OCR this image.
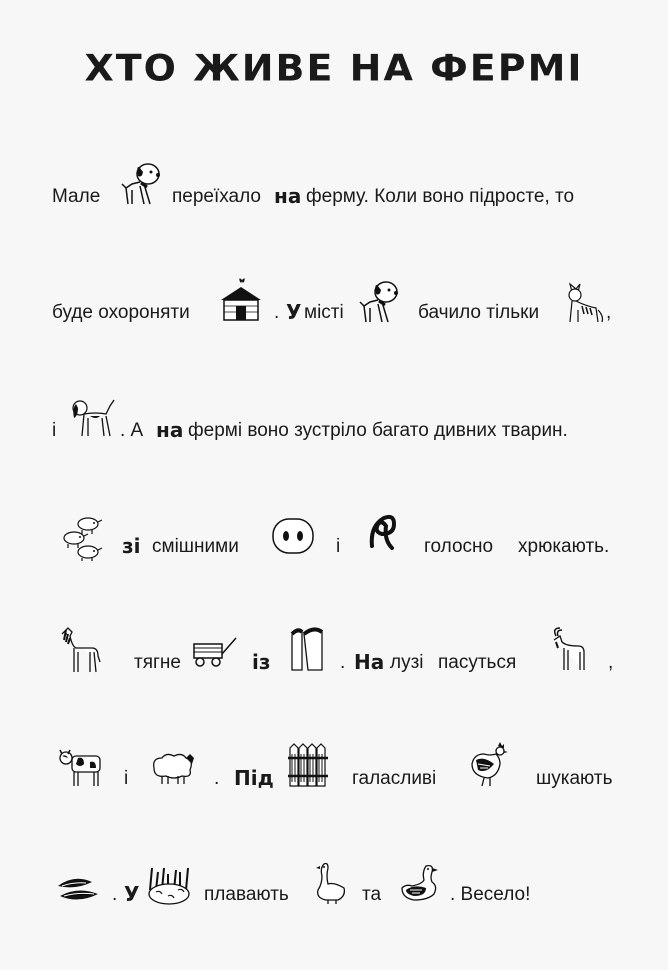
ХТО ЖИВЕ НА ФЕРМІ
Мале	переїхало на ферму. Коли воно підросте, то
буде охороняти	. У місті	бачило тільки	,
і	. А на фермі воно зустріло багато дивних тварин.
зі смішними	і	голосно хрюкають.
тягне	із	. На лузі пасуться	,
і	. Під	галасливі	шукають
. У	плавають	та	. Весело!
